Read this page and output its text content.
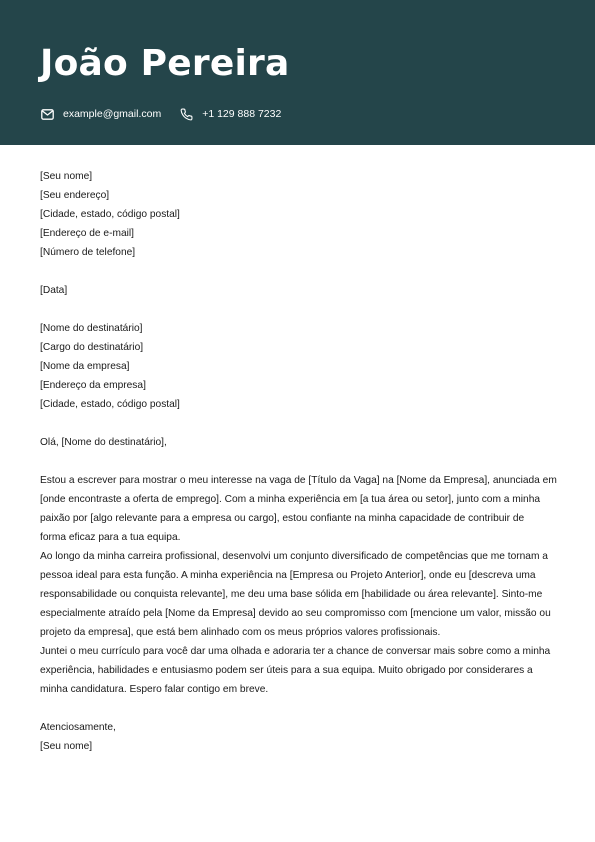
João Pereira
example@gmail.com	+1 129 888 7232

[Seu nome]

[Seu endereço]

[Cidade, estado, código postal]

[Endereço de e-mail]

[Número de telefone]

[Data]

[Nome do destinatário]

[Cargo do destinatário]

[Nome da empresa]

[Endereço da empresa]

[Cidade, estado, código postal]

Olá, [Nome do destinatário],

Estou a escrever para mostrar o meu interesse na vaga de [Título da Vaga] na [Nome da Empresa], anunciada em

[onde encontraste a oferta de emprego]. Com a minha experiência em [a tua área ou setor], junto com a minha

paixão por [algo relevante para a empresa ou cargo], estou confiante na minha capacidade de contribuir de

forma eficaz para a tua equipa.

Ao longo da minha carreira profissional, desenvolvi um conjunto diversificado de competências que me tornam a

pessoa ideal para esta função. A minha experiência na [Empresa ou Projeto Anterior], onde eu [descreva uma

responsabilidade ou conquista relevante], me deu uma base sólida em [habilidade ou área relevante]. Sinto-me

especialmente atraído pela [Nome da Empresa] devido ao seu compromisso com [mencione um valor, missão ou

projeto da empresa], que está bem alinhado com os meus próprios valores profissionais.

Juntei o meu currículo para você dar uma olhada e adoraria ter a chance de conversar mais sobre como a minha

experiência, habilidades e entusiasmo podem ser úteis para a sua equipa. Muito obrigado por considerares a

minha candidatura. Espero falar contigo em breve.

Atenciosamente,

[Seu nome]
